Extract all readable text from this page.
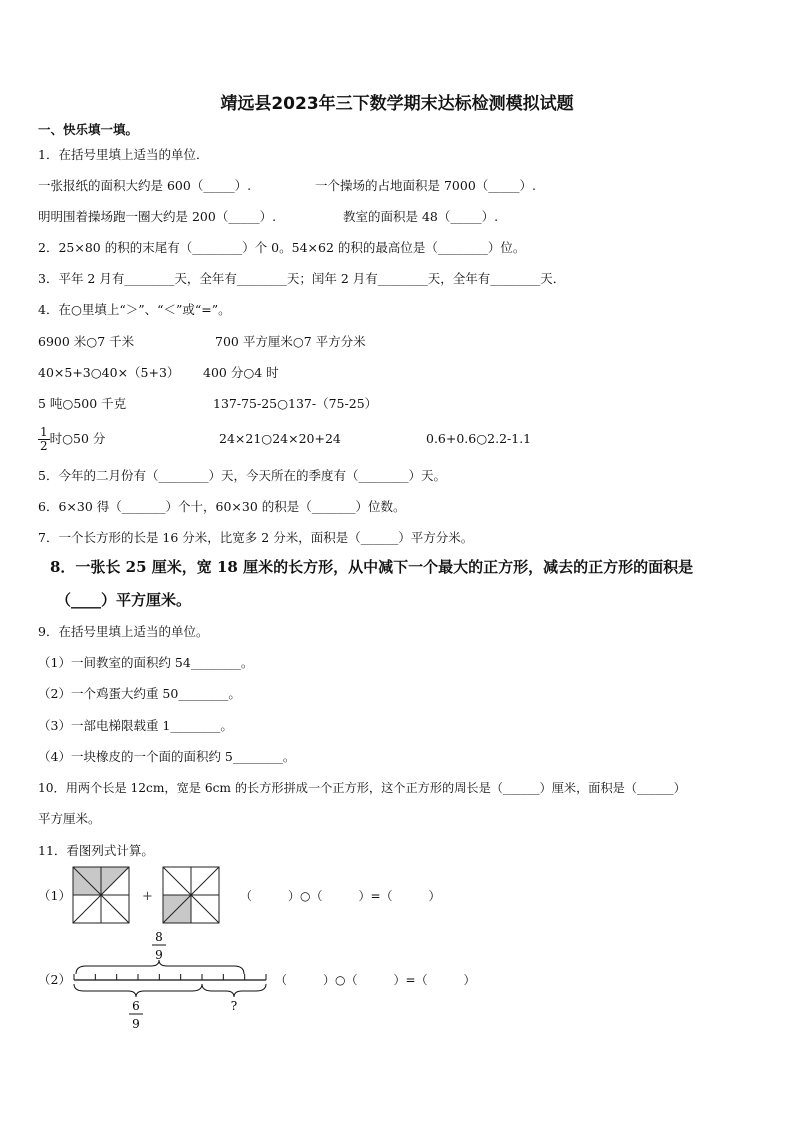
靖远县2023年三下数学期末达标检测模拟试题
一、快乐填一填。
1．在括号里填上适当的单位．
一张报纸的面积大约是 600（_____）.	一个操场的占地面积是 7000（_____）.
明明围着操场跑一圈大约是 200（_____）.	教室的面积是 48（_____）.
2．25×80 的积的末尾有（________）个 0。54×62 的积的最高位是（________）位。
3．平年 2 月有________天，全年有________天；闰年 2 月有________天，全年有________天．
4．在○里填上“＞”、“＜”或“=”。
6900 米○7 千米	700 平方厘米○7 平方分米
40×5+3○40×（5+3） 400 分○4 时
5 吨○500 千克	137-75-25○137-（75-25）
$\frac{1}{2}$ 时○50 分	24×21○24×20+24	0.6+0.6○2.2-1.1
5．今年的二月份有（________）天，今天所在的季度有（________）天。
6．6×30 得（_______）个十，60×30 的积是（_______）位数。
7．一个长方形的长是 16 分米，比宽多 2 分米，面积是（______）平方分米。
8．一张长 25 厘米，宽 18 厘米的长方形，从中减下一个最大的正方形，减去的正方形的面积是
（____）平方厘米。
9．在括号里填上适当的单位。
（1）一间教室的面积约 54________。
（2）一个鸡蛋大约重 50________。
（3）一部电梯限载重 1________。
（4）一块橡皮的一个面的面积约 5________。
10．用两个长是 12cm，宽是 6cm 的长方形拼成一个正方形，这个正方形的周长是（______）厘米，面积是（______）
平方厘米。
11．看图列式计算。
（1）	+	（　　　）○（　　　）=（　　　）
（2）
8
9
6
9
?
（　　　）○（　　　）=（　　　）
